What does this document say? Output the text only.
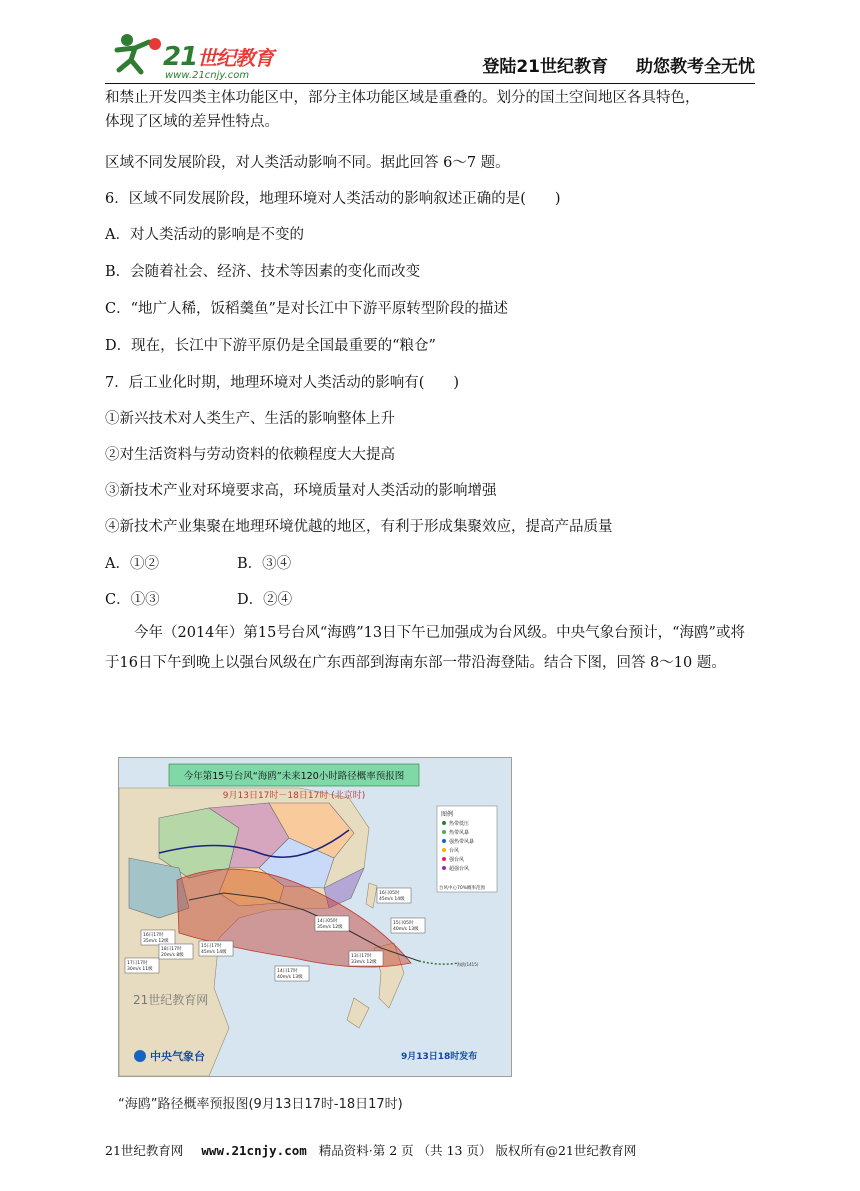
21世纪教育
www.21cnjy.com	登陆21世纪教育 助您教考全无忧

和禁止开发四类主体功能区中，部分主体功能区域是重叠的。划分的国土空间地区各具特色，

体现了区域的差异性特点。

区域不同发展阶段，对人类活动影响不同。据此回答 6～7 题。

6．区域不同发展阶段，地理环境对人类活动的影响叙述正确的是(　　)

A．对人类活动的影响是不变的

B．会随着社会、经济、技术等因素的变化而改变

C．“地广人稀，饭稻羹鱼”是对长江中下游平原转型阶段的描述

D．现在，长江中下游平原仍是全国最重要的“粮仓”

7．后工业化时期，地理环境对人类活动的影响有(　　)

①新兴技术对人类生产、生活的影响整体上升

②对生活资料与劳动资料的依赖程度大大提高

③新技术产业对环境要求高，环境质量对人类活动的影响增强

④新技术产业集聚在地理环境优越的地区，有利于形成集聚效应，提高产品质量

A．①②	B．③④
C．①③	D．②④

　　今年（2014年）第15号台风“海鸥”13日下午已加强成为台风级。中央气象台预计，“海鸥”或将于16日下午到晚上以强台风级在广东西部到海南东部一带沿海登陆。结合下图，回答 8～10 题。

今年第15号台风“海鸥”未来120小时路径概率预报图
9月13日17时－18日17时 (北京时)
图例
热带低压
热带风暴
强热带风暴
台风
强台风
超强台风
台风中心70%概率范围
16日17时
35m/s 12级
17日17时
30m/s 11级
15日17时
45m/s 14级
14日17时
40m/s 13级
14日05时
35m/s 12级
18日17时
20m/s 8级	13日17时
33m/s 12级
15日05时
40m/s 13级
16日05时
45m/s 14级
海鸥(1415)
21世纪教育网
中央气象台	9月13日18时发布
“海鸥”路径概率预报图(9月13日17时-18日17时)
21世纪教育网 www.21cnjy.com 精品资料·第 2 页 （共 13 页） 版权所有@21世纪教育网
